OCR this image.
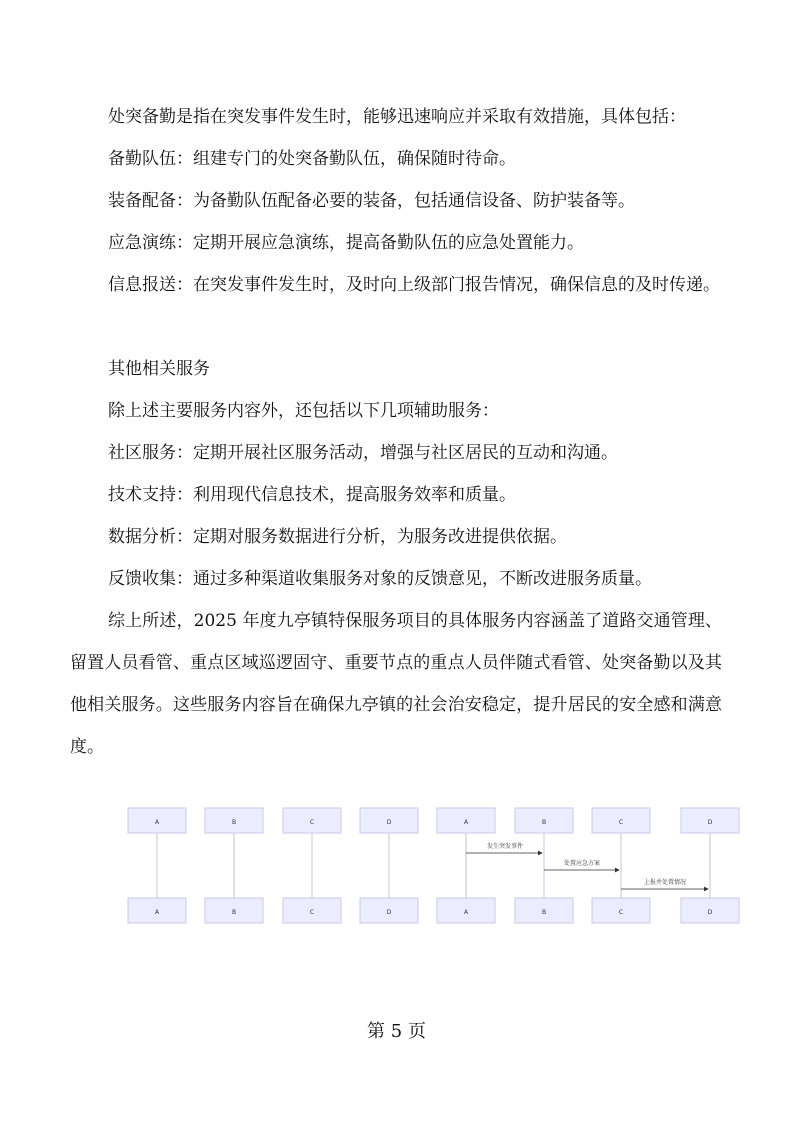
处突备勤是指在突发事件发生时，能够迅速响应并采取有效措施，具体包括：

备勤队伍：组建专门的处突备勤队伍，确保随时待命。

装备配备：为备勤队伍配备必要的装备，包括通信设备、防护装备等。

应急演练：定期开展应急演练，提高备勤队伍的应急处置能力。

信息报送：在突发事件发生时，及时向上级部门报告情况，确保信息的及时传递。

其他相关服务

除上述主要服务内容外，还包括以下几项辅助服务：

社区服务：定期开展社区服务活动，增强与社区居民的互动和沟通。

技术支持：利用现代信息技术，提高服务效率和质量。

数据分析：定期对服务数据进行分析，为服务改进提供依据。

反馈收集：通过多种渠道收集服务对象的反馈意见，不断改进服务质量。

综上所述，2025 年度九亭镇特保服务项目的具体服务内容涵盖了道路交通管理、留置人员看管、重点区域巡逻固守、重要节点的重点人员伴随式看管、处突备勤以及其他相关服务。这些服务内容旨在确保九亭镇的社会治安稳定，提升居民的安全感和满意度。

A	B	C	D	A	B	C	D
发生突发事件
处置应急方案
上报并处置情况
A	B	C	D	A	B	C	D
第 5 页
